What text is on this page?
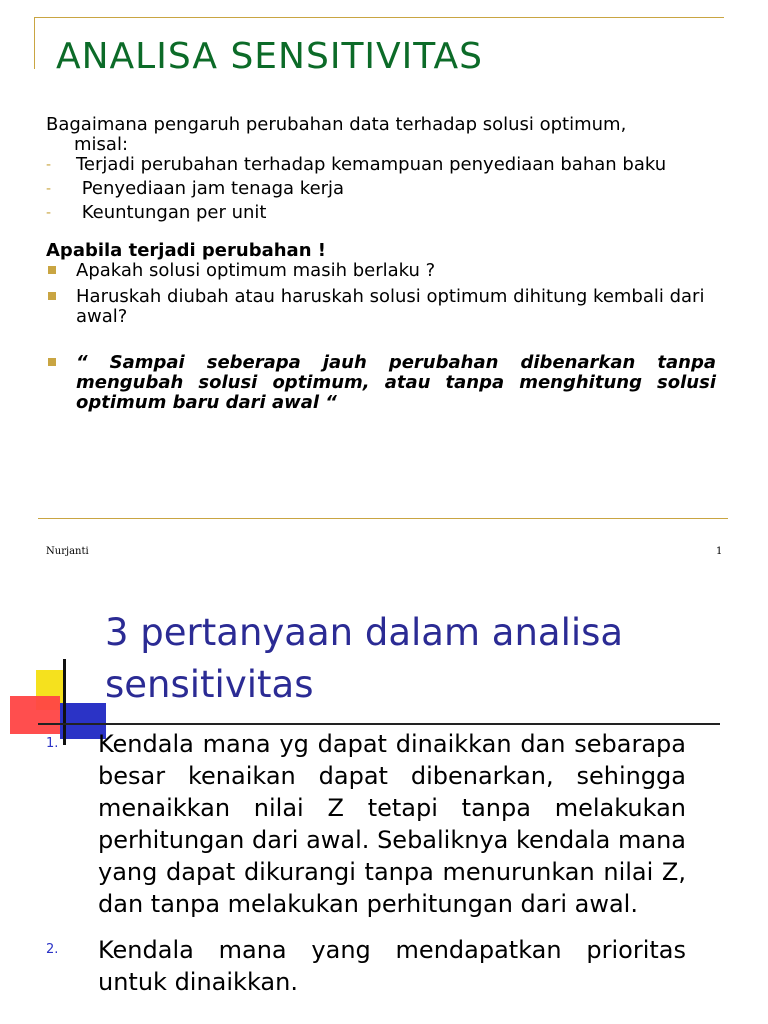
ANALISA SENSITIVITAS

Bagaimana pengaruh perubahan data terhadap solusi optimum,
misal:

- Terjadi perubahan terhadap kemampuan penyediaan bahan baku
- Penyediaan jam tenaga kerja
- Keuntungan per unit
Apabila terjadi perubahan !
Apakah solusi optimum masih berlaku ?
Haruskah diubah atau haruskah solusi optimum dihitung kembali dari awal?
“ Sampai seberapa jauh perubahan dibenarkan tanpa mengubah solusi optimum, atau tanpa menghitung solusi optimum baru dari awal “
Nurjanti	1
3 pertanyaan dalam analisa sensitivitas
1. Kendala mana yg dapat dinaikkan dan sebarapa besar kenaikan dapat dibenarkan, sehingga menaikkan nilai Z tetapi tanpa melakukan perhitungan dari awal. Sebaliknya kendala mana yang dapat dikurangi tanpa menurunkan nilai Z, dan tanpa melakukan perhitungan dari awal.
2. Kendala mana yang mendapatkan prioritas untuk dinaikkan.
